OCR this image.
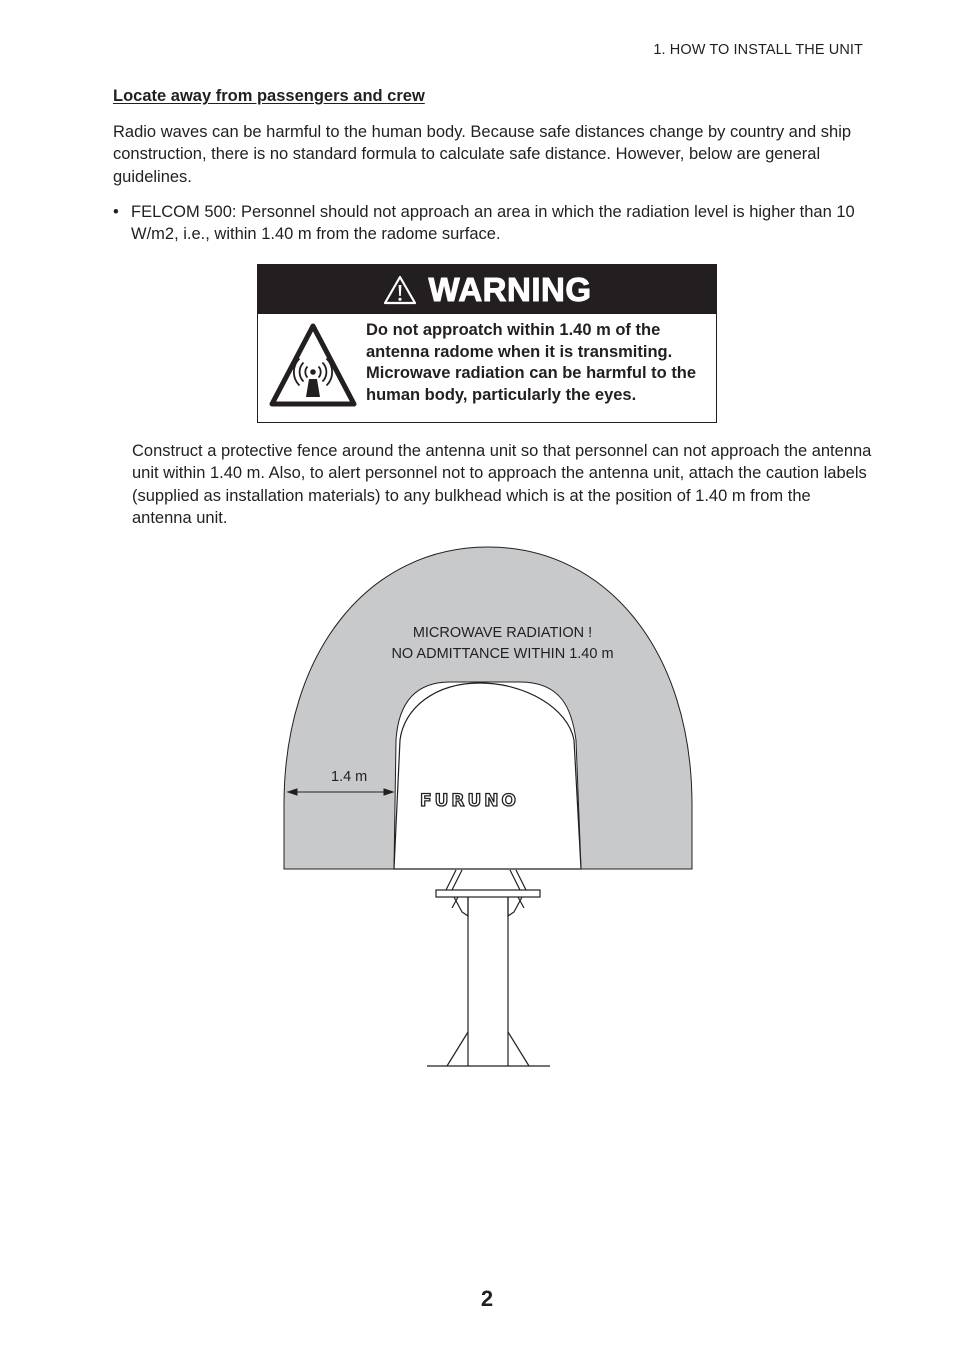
1. HOW TO INSTALL THE UNIT
Locate away from passengers and crew
Radio waves can be harmful to the human body. Because safe distances change by country and ship construction, there is no standard formula to calculate safe distance. However, below are general guidelines.
• FELCOM 500: Personnel should not approach an area in which the radiation level is higher than 10 W/m2, i.e., within 1.40 m from the radome surface.
WARNING
Do not approatch within 1.40 m of the antenna radome when it is transmiting. Microwave radiation can be harmful to the human body, particularly the eyes.
Construct a protective fence around the antenna unit so that personnel can not approach the antenna unit within 1.40 m. Also, to alert personnel not to approach the antenna unit, attach the caution labels (supplied as installation materials) to any bulkhead which is at the position of 1.40 m from the antenna unit.
MICROWAVE RADIATION !
NO ADMITTANCE WITHIN 1.40 m
1.4 m
FURUNO
2
